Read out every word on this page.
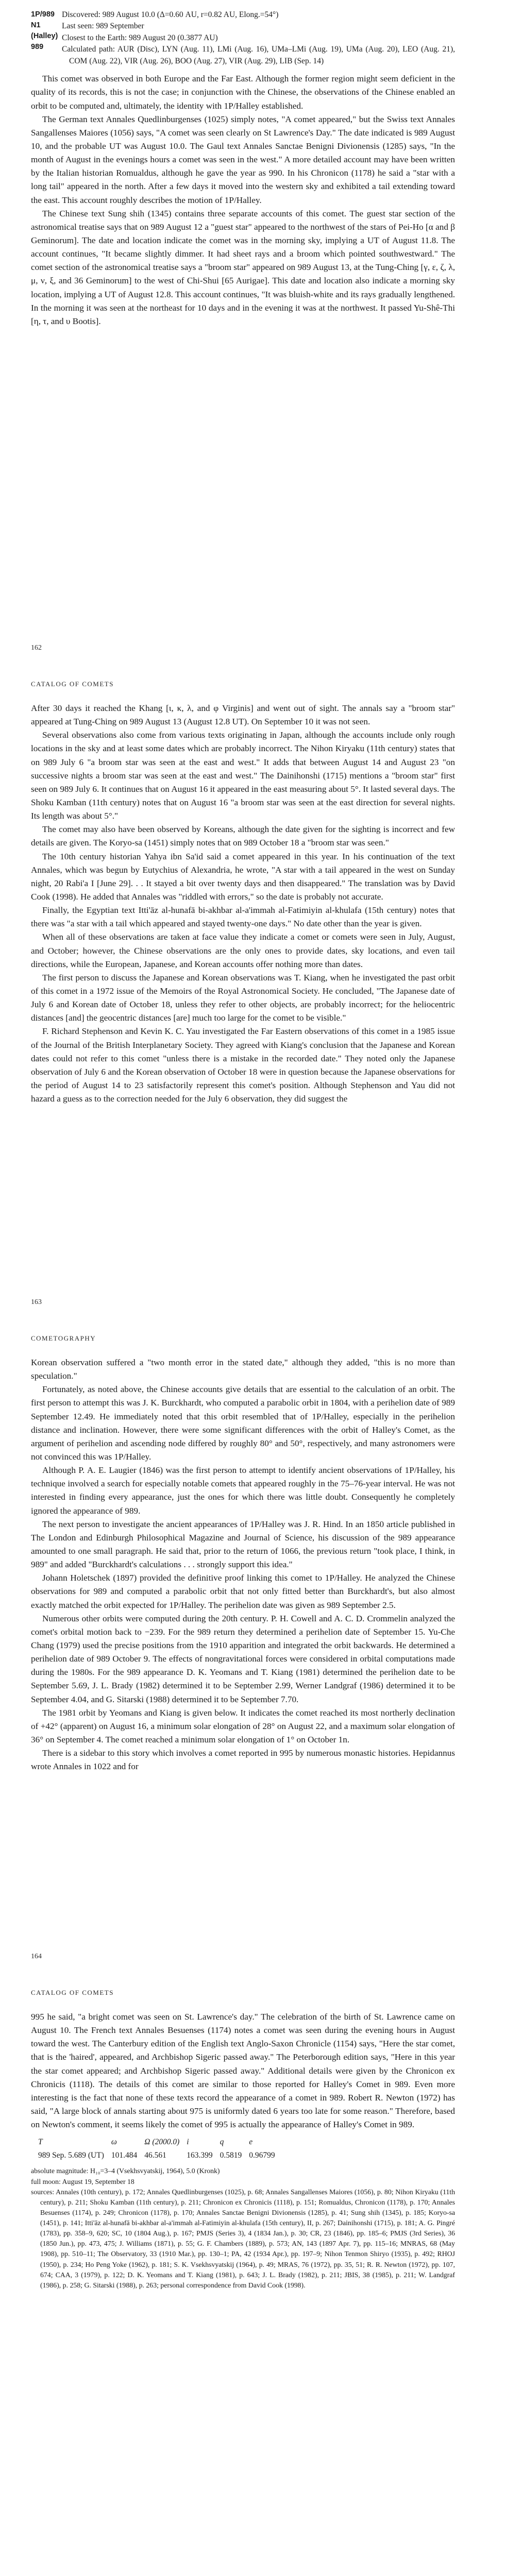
1P/989 N1
(Halley)
989
Discovered: 989 August 10.0 (Δ=0.60 AU, r=0.82 AU, Elong.=54°)
Last seen: 989 September
Closest to the Earth: 989 August 20 (0.3877 AU)
Calculated path: AUR (Disc), LYN (Aug. 11), LMi (Aug. 16), UMa–LMi (Aug. 19), UMa (Aug. 20), LEO (Aug. 21), COM (Aug. 22), VIR (Aug. 26), BOO (Aug. 27), VIR (Aug. 29), LIB (Sep. 14)

This comet was observed in both Europe and the Far East. Although the former region might seem deficient in the quality of its records, this is not the case; in conjunction with the Chinese, the observations of the Chinese enabled an orbit to be computed and, ultimately, the identity with 1P/Halley established.

The German text Annales Quedlinburgenses (1025) simply notes, "A comet appeared," but the Swiss text Annales Sangallenses Maiores (1056) says, "A comet was seen clearly on St Lawrence's Day." The date indicated is 989 August 10, and the probable UT was August 10.0. The Gaul text Annales Sanctae Benigni Divionensis (1285) says, "In the month of August in the evenings hours a comet was seen in the west." A more detailed account may have been written by the Italian historian Romualdus, although he gave the year as 990. In his Chronicon (1178) he said a "star with a long tail" appeared in the north. After a few days it moved into the western sky and exhibited a tail extending toward the east. This account roughly describes the motion of 1P/Halley.

The Chinese text Sung shih (1345) contains three separate accounts of this comet. The guest star section of the astronomical treatise says that on 989 August 12 a "guest star" appeared to the northwest of the stars of Pei-Ho [α and β Geminorum]. The date and location indicate the comet was in the morning sky, implying a UT of August 11.8. The account continues, "It became slightly dimmer. It had sheet rays and a broom which pointed southwestward." The comet section of the astronomical treatise says a "broom star" appeared on 989 August 13, at the Tung-Ching [γ, ε, ζ, λ, μ, ν, ξ, and 36 Geminorum] to the west of Chi-Shui [65 Aurigae]. This date and location also indicate a morning sky location, implying a UT of August 12.8. This account continues, "It was bluish-white and its rays gradually lengthened. In the morning it was seen at the northeast for 10 days and in the evening it was at the northwest. It passed Yu-Shê-Thi [η, τ, and υ Bootis].

162
CATALOG OF COMETS

After 30 days it reached the Khang [ι, κ, λ, and φ Virginis] and went out of sight. The annals say a "broom star" appeared at Tung-Ching on 989 August 13 (August 12.8 UT). On September 10 it was not seen.

Several observations also come from various texts originating in Japan, although the accounts include only rough locations in the sky and at least some dates which are probably incorrect. The Nihon Kiryaku (11th century) states that on 989 July 6 "a broom star was seen at the east and west." It adds that between August 14 and August 23 "on successive nights a broom star was seen at the east and west." The Dainihonshi (1715) mentions a "broom star" first seen on 989 July 6. It continues that on August 16 it appeared in the east measuring about 5°. It lasted several days. The Shoku Kamban (11th century) notes that on August 16 "a broom star was seen at the east direction for several nights. Its length was about 5°."

The comet may also have been observed by Koreans, although the date given for the sighting is incorrect and few details are given. The Koryo-sa (1451) simply notes that on 989 October 18 a "broom star was seen."

The 10th century historian Yahya ibn Sa'id said a comet appeared in this year. In his continuation of the text Annales, which was begun by Eutychius of Alexandria, he wrote, "A star with a tail appeared in the west on Sunday night, 20 Rabi'a I [June 29]. . . It stayed a bit over twenty days and then disappeared." The translation was by David Cook (1998). He added that Annales was "riddled with errors," so the date is probably not accurate.

Finally, the Egyptian text Itti'āz al-hunafā bi-akhbar al-a'immah al-Fatimiyin al-khulafa (15th century) notes that there was "a star with a tail which appeared and stayed twenty-one days." No date other than the year is given.

When all of these observations are taken at face value they indicate a comet or comets were seen in July, August, and October; however, the Chinese observations are the only ones to provide dates, sky locations, and even tail directions, while the European, Japanese, and Korean accounts offer nothing more than dates.

The first person to discuss the Japanese and Korean observations was T. Kiang, when he investigated the past orbit of this comet in a 1972 issue of the Memoirs of the Royal Astronomical Society. He concluded, "The Japanese date of July 6 and Korean date of October 18, unless they refer to other objects, are probably incorrect; for the heliocentric distances [and] the geocentric distances [are] much too large for the comet to be visible."

F. Richard Stephenson and Kevin K. C. Yau investigated the Far Eastern observations of this comet in a 1985 issue of the Journal of the British Interplanetary Society. They agreed with Kiang's conclusion that the Japanese and Korean dates could not refer to this comet "unless there is a mistake in the recorded date." They noted only the Japanese observation of July 6 and the Korean observation of October 18 were in question because the Japanese observations for the period of August 14 to 23 satisfactorily represent this comet's position. Although Stephenson and Yau did not hazard a guess as to the correction needed for the July 6 observation, they did suggest the

163
COMETOGRAPHY

Korean observation suffered a "two month error in the stated date," although they added, "this is no more than speculation."

Fortunately, as noted above, the Chinese accounts give details that are essential to the calculation of an orbit. The first person to attempt this was J. K. Burckhardt, who computed a parabolic orbit in 1804, with a perihelion date of 989 September 12.49. He immediately noted that this orbit resembled that of 1P/Halley, especially in the perihelion distance and inclination. However, there were some significant differences with the orbit of Halley's Comet, as the argument of perihelion and ascending node differed by roughly 80° and 50°, respectively, and many astronomers were not convinced this was 1P/Halley.

Although P. A. E. Laugier (1846) was the first person to attempt to identify ancient observations of 1P/Halley, his technique involved a search for especially notable comets that appeared roughly in the 75–76-year interval. He was not interested in finding every appearance, just the ones for which there was little doubt. Consequently he completely ignored the appearance of 989.

The next person to investigate the ancient appearances of 1P/Halley was J. R. Hind. In an 1850 article published in The London and Edinburgh Philosophical Magazine and Journal of Science, his discussion of the 989 appearance amounted to one small paragraph. He said that, prior to the return of 1066, the previous return "took place, I think, in 989" and added "Burckhardt's calculations . . . strongly support this idea."

Johann Holetschek (1897) provided the definitive proof linking this comet to 1P/Halley. He analyzed the Chinese observations for 989 and computed a parabolic orbit that not only fitted better than Burckhardt's, but also almost exactly matched the orbit expected for 1P/Halley. The perihelion date was given as 989 September 2.5.

Numerous other orbits were computed during the 20th century. P. H. Cowell and A. C. D. Crommelin analyzed the comet's orbital motion back to −239. For the 989 return they determined a perihelion date of September 15. Yu-Che Chang (1979) used the precise positions from the 1910 apparition and integrated the orbit backwards. He determined a perihelion date of 989 October 9. The effects of nongravitational forces were considered in orbital computations made during the 1980s. For the 989 appearance D. K. Yeomans and T. Kiang (1981) determined the perihelion date to be September 5.69, J. L. Brady (1982) determined it to be September 2.99, Werner Landgraf (1986) determined it to be September 4.04, and G. Sitarski (1988) determined it to be September 7.70.

The 1981 orbit by Yeomans and Kiang is given below. It indicates the comet reached its most northerly declination of +42° (apparent) on August 16, a minimum solar elongation of 28° on August 22, and a maximum solar elongation of 36° on September 4. The comet reached a minimum solar elongation of 1° on October 1n.

There is a sidebar to this story which involves a comet reported in 995 by numerous monastic histories. Hepidannus wrote Annales in 1022 and for

164
CATALOG OF COMETS

995 he said, "a bright comet was seen on St. Lawrence's day." The celebration of the birth of St. Lawrence came on August 10. The French text Annales Besuenses (1174) notes a comet was seen during the evening hours in August toward the west. The Canterbury edition of the English text Anglo-Saxon Chronicle (1154) says, "Here the star comet, that is the 'haired', appeared, and Archbishop Sigeric passed away." The Peterborough edition says, "Here in this year the star comet appeared; and Archbishop Sigeric passed away." Additional details were given by the Chronicon ex Chronicis (1118). The details of this comet are similar to those reported for Halley's Comet in 989. Even more interesting is the fact that none of these texts record the appearance of a comet in 989. Robert R. Newton (1972) has said, "A large block of annals starting about 975 is uniformly dated 6 years too late for some reason." Therefore, based on Newton's comment, it seems likely the comet of 995 is actually the appearance of Halley's Comet in 989.

T	ω	Ω (2000.0)	i	q	e
989 Sep. 5.689 (UT)	101.484	46.561	163.399	0.5819	0.96799

absolute magnitude: H₁₀=3–4 (Vsekhsvyatskij, 1964), 5.0 (Kronk)

full moon: August 19, September 18

sources: Annales (10th century), p. 172; Annales Quedlinburgenses (1025), p. 68; Annales Sangallenses Maiores (1056), p. 80; Nihon Kiryaku (11th century), p. 211; Shoku Kamban (11th century), p. 211; Chronicon ex Chronicis (1118), p. 151; Romualdus, Chronicon (1178), p. 170; Annales Besuenses (1174), p. 249; Chronicon (1178), p. 170; Annales Sanctae Benigni Divionensis (1285), p. 41; Sung shih (1345), p. 185; Koryo-sa (1451), p. 141; Itti'āz al-hunafā bi-akhbar al-a'immah al-Fatimiyin al-khulafa (15th century), II, p. 267; Dainihonshi (1715), p. 181; A. G. Pingré (1783), pp. 358–9, 620; SC, 10 (1804 Aug.), p. 167; PMJS (Series 3), 4 (1834 Jan.), p. 30; CR, 23 (1846), pp. 185–6; PMJS (3rd Series), 36 (1850 Jun.), pp. 473, 475; J. Williams (1871), p. 55; G. F. Chambers (1889), p. 573; AN, 143 (1897 Apr. 7), pp. 115–16; MNRAS, 68 (May 1908), pp. 510–11; The Observatory, 33 (1910 Mar.), pp. 130–1; PA, 42 (1934 Apr.), pp. 197–9; Nihon Tenmon Shiryo (1935), p. 492; RHOJ (1950), p. 234; Ho Peng Yoke (1962), p. 181; S. K. Vsekhsvyatskij (1964), p. 49; MRAS, 76 (1972), pp. 35, 51; R. R. Newton (1972), pp. 107, 674; CAA, 3 (1979), p. 122; D. K. Yeomans and T. Kiang (1981), p. 643; J. L. Brady (1982), p. 211; JBIS, 38 (1985), p. 211; W. Landgraf (1986), p. 258; G. Sitarski (1988), p. 263; personal correspondence from David Cook (1998).
